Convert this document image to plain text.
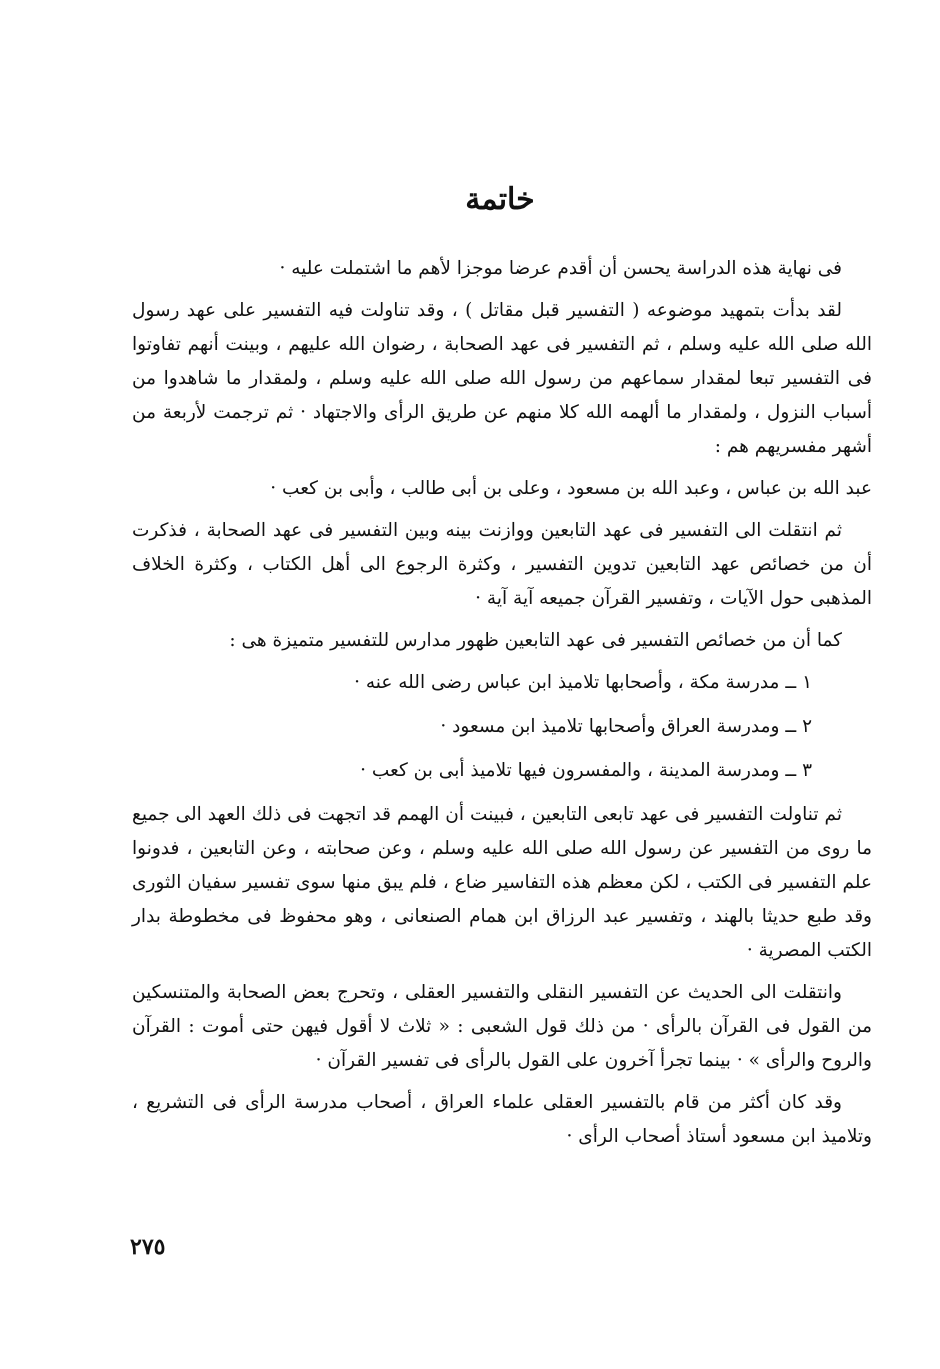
خاتمة

فى نهاية هذه الدراسة يحسن أن أقدم عرضا موجزا لأهم ما اشتملت عليه ·

لقد بدأت بتمهيد موضوعه ( التفسير قبل مقاتل ) ، وقد تناولت فيه التفسير على عهد رسول الله صلى الله عليه وسلم ، ثم التفسير فى عهد الصحابة ، رضوان الله عليهم ، وبينت أنهم تفاوتوا فى التفسير تبعا لمقدار سماعهم من رسول الله صلى الله عليه وسلم ، ولمقدار ما شاهدوا من أسباب النزول ، ولمقدار ما ألهمه الله كلا منهم عن طريق الرأى والاجتهاد · ثم ترجمت لأربعة من أشهر مفسريهم هم :

عبد الله بن عباس ، وعبد الله بن مسعود ، وعلى بن أبى طالب ، وأبى بن كعب ·

ثم انتقلت الى التفسير فى عهد التابعين ووازنت بينه وبين التفسير فى عهد الصحابة ، فذكرت أن من خصائص عهد التابعين تدوين التفسير ، وكثرة الرجوع الى أهل الكتاب ، وكثرة الخلاف المذهبى حول الآيات ، وتفسير القرآن جميعه آية آية ·

كما أن من خصائص التفسير فى عهد التابعين ظهور مدارس للتفسير متميزة هى :

١ ــ مدرسة مكة ، وأصحابها تلاميذ ابن عباس رضى الله عنه ·

٢ ــ ومدرسة العراق وأصحابها تلاميذ ابن مسعود ·

٣ ــ ومدرسة المدينة ، والمفسرون فيها تلاميذ أبى بن كعب ·

ثم تناولت التفسير فى عهد تابعى التابعين ، فبينت أن الهمم قد اتجهت فى ذلك العهد الى جميع ما روى من التفسير عن رسول الله صلى الله عليه وسلم ، وعن صحابته ، وعن التابعين ، فدونوا علم التفسير فى الكتب ، لكن معظم هذه التفاسير ضاع ، فلم يبق منها سوى تفسير سفيان الثورى وقد طبع حديثا بالهند ، وتفسير عبد الرزاق ابن همام الصنعانى ، وهو محفوظ فى مخطوطة بدار الكتب المصرية ·

وانتقلت الى الحديث عن التفسير النقلى والتفسير العقلى ، وتحرج بعض الصحابة والمتنسكين من القول فى القرآن بالرأى · من ذلك قول الشعبى : « ثلاث لا أقول فيهن حتى أموت : القرآن والروح والرأى » · بينما تجرأ آخرون على القول بالرأى فى تفسير القرآن ·

وقد كان أكثر من قام بالتفسير العقلى علماء العراق ، أصحاب مدرسة الرأى فى التشريع ، وتلاميذ ابن مسعود أستاذ أصحاب الرأى ·

٢٧٥
